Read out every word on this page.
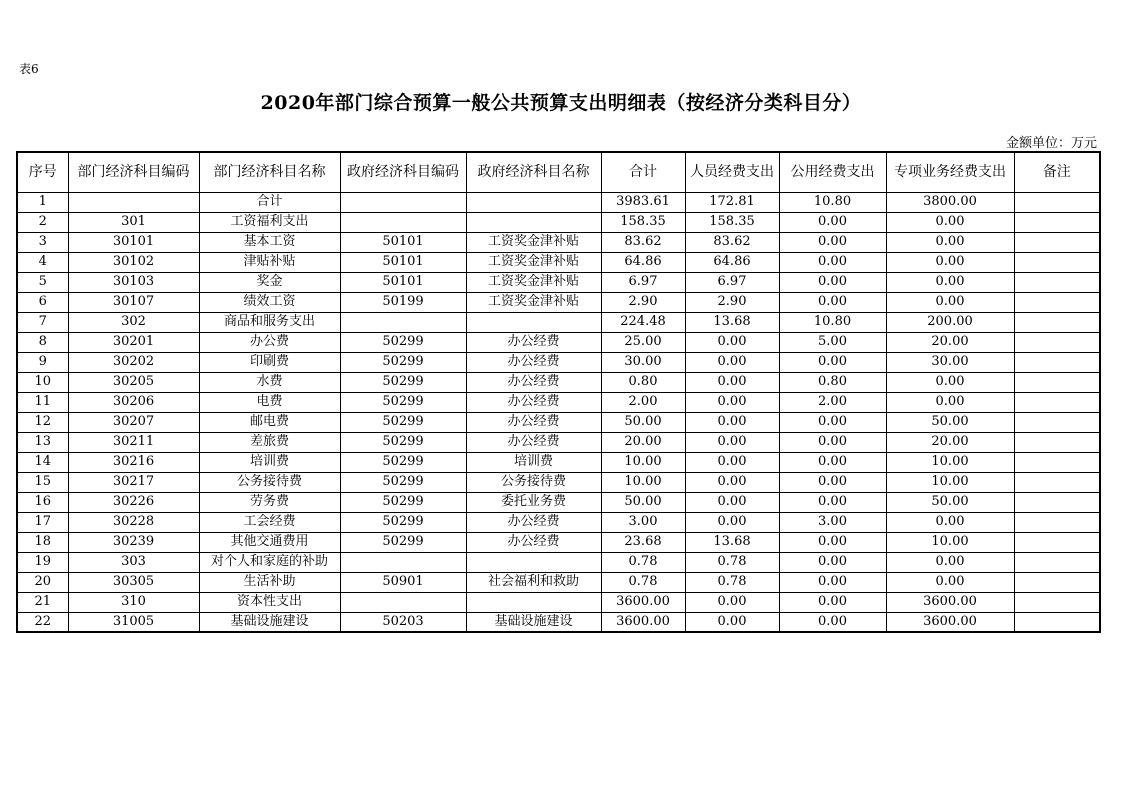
表6
2020年部门综合预算一般公共预算支出明细表（按经济分类科目分）
金额单位：万元
序号	部门经济科目编码	部门经济科目名称	政府经济科目编码	政府经济科目名称	合计	人员经费支出	公用经费支出	专项业务经费支出	备注
1		合计			3983.61	172.81	10.80	3800.00	
2	301	工资福利支出			158.35	158.35	0.00	0.00	
3	30101	基本工资	50101	工资奖金津补贴	83.62	83.62	0.00	0.00	
4	30102	津贴补贴	50101	工资奖金津补贴	64.86	64.86	0.00	0.00	
5	30103	奖金	50101	工资奖金津补贴	6.97	6.97	0.00	0.00	
6	30107	绩效工资	50199	工资奖金津补贴	2.90	2.90	0.00	0.00	
7	302	商品和服务支出			224.48	13.68	10.80	200.00	
8	30201	办公费	50299	办公经费	25.00	0.00	5.00	20.00	
9	30202	印刷费	50299	办公经费	30.00	0.00	0.00	30.00	
10	30205	水费	50299	办公经费	0.80	0.00	0.80	0.00	
11	30206	电费	50299	办公经费	2.00	0.00	2.00	0.00	
12	30207	邮电费	50299	办公经费	50.00	0.00	0.00	50.00	
13	30211	差旅费	50299	办公经费	20.00	0.00	0.00	20.00	
14	30216	培训费	50299	培训费	10.00	0.00	0.00	10.00	
15	30217	公务接待费	50299	公务接待费	10.00	0.00	0.00	10.00	
16	30226	劳务费	50299	委托业务费	50.00	0.00	0.00	50.00	
17	30228	工会经费	50299	办公经费	3.00	0.00	3.00	0.00	
18	30239	其他交通费用	50299	办公经费	23.68	13.68	0.00	10.00	
19	303	对个人和家庭的补助			0.78	0.78	0.00	0.00	
20	30305	生活补助	50901	社会福利和救助	0.78	0.78	0.00	0.00	
21	310	资本性支出			3600.00	0.00	0.00	3600.00	
22	31005	基础设施建设	50203	基础设施建设	3600.00	0.00	0.00	3600.00	
